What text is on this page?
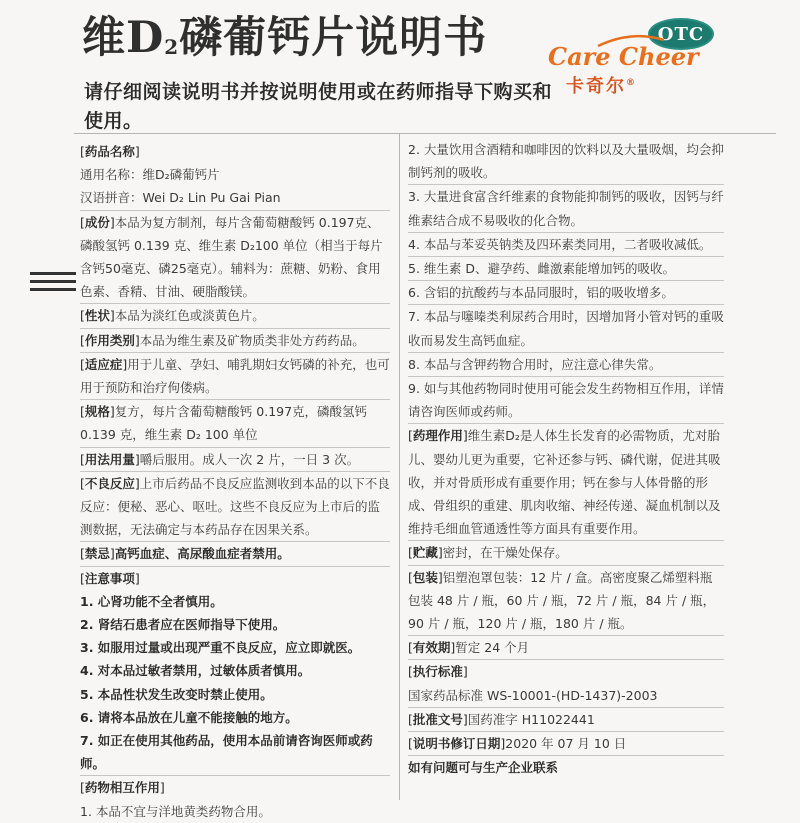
维$D_2$磷葡钙片说明书	OTC
Care Cheer
卡奇尔®
请仔细阅读说明书并按说明使用或在药师指导下购买和使用。

[ 药品名称 ]

通用名称：维D₂磷葡钙片

汉语拼音：Wei D₂ Lin Pu Gai Pian

[ 成份 ] 本品为复方制剂，每片含葡萄糖酸钙 0.197克、磷酸氢钙 0.139 克、维生素 D₂100 单位（相当于每片含钙50毫克、磷25毫克）。辅料为：蔗糖、奶粉、食用色素、香精、甘油、硬脂酸镁。

[ 性状 ] 本品为淡红色或淡黄色片。

[ 作用类别 ] 本品为维生素及矿物质类非处方药药品。

[ 适应症 ] 用于儿童、孕妇、哺乳期妇女钙磷的补充，也可用于预防和治疗佝偻病。

[ 规格 ] 复方，每片含葡萄糖酸钙 0.197克，磷酸氢钙 0.139 克，维生素 D₂ 100 单位

[ 用法用量 ] 嚼后服用。成人一次 2 片，一日 3 次。

[ 不良反应 ] 上市后药品不良反应监测收到本品的以下不良反应：便秘、恶心、呕吐。这些不良反应为上市后的监测数据，无法确定与本药品存在因果关系。

[ 禁忌 ] 高钙血症、高尿酸血症者禁用。

[ 注意事项 ]

1. 心肾功能不全者慎用。

2. 肾结石患者应在医师指导下使用。

3. 如服用过量或出现严重不良反应，应立即就医。

4. 对本品过敏者禁用，过敏体质者慎用。

5. 本品性状发生改变时禁止使用。

6. 请将本品放在儿童不能接触的地方。

7. 如正在使用其他药品，使用本品前请咨询医师或药师。

[ 药物相互作用 ]

1. 本品不宜与洋地黄类药物合用。

2. 大量饮用含酒精和咖啡因的饮料以及大量吸烟，均会抑制钙剂的吸收。

3. 大量进食富含纤维素的食物能抑制钙的吸收，因钙与纤维素结合成不易吸收的化合物。

4. 本品与苯妥英钠类及四环素类同用，二者吸收减低。

5. 维生素 D、避孕药、雌激素能增加钙的吸收。

6. 含铝的抗酸药与本品同服时，铝的吸收增多。

7. 本品与噻嗪类利尿药合用时，因增加肾小管对钙的重吸收而易发生高钙血症。

8. 本品与含钾药物合用时，应注意心律失常。

9. 如与其他药物同时使用可能会发生药物相互作用，详情请咨询医师或药师。

[ 药理作用 ] 维生素D₂是人体生长发育的必需物质，尤对胎儿、婴幼儿更为重要，它补还参与钙、磷代谢，促进其吸收，并对骨质形成有重要作用；钙在参与人体骨骼的形成、骨组织的重建、肌肉收缩、神经传递、凝血机制以及维持毛细血管通透性等方面具有重要作用。

[ 贮藏 ] 密封，在干燥处保存。

[ 包装 ] 铝塑泡罩包装：12 片 / 盒。高密度聚乙烯塑料瓶包装 48 片 / 瓶，60 片 / 瓶，72 片 / 瓶，84 片 / 瓶，90 片 / 瓶，120 片 / 瓶，180 片 / 瓶。

[ 有效期 ] 暂定 24 个月

[ 执行标准 ]

国家药品标准 WS-10001-(HD-1437)-2003

[ 批准文号 ] 国药准字 H11022441

[ 说明书修订日期 ] 2020 年 07 月 10 日

如有问题可与生产企业联系
